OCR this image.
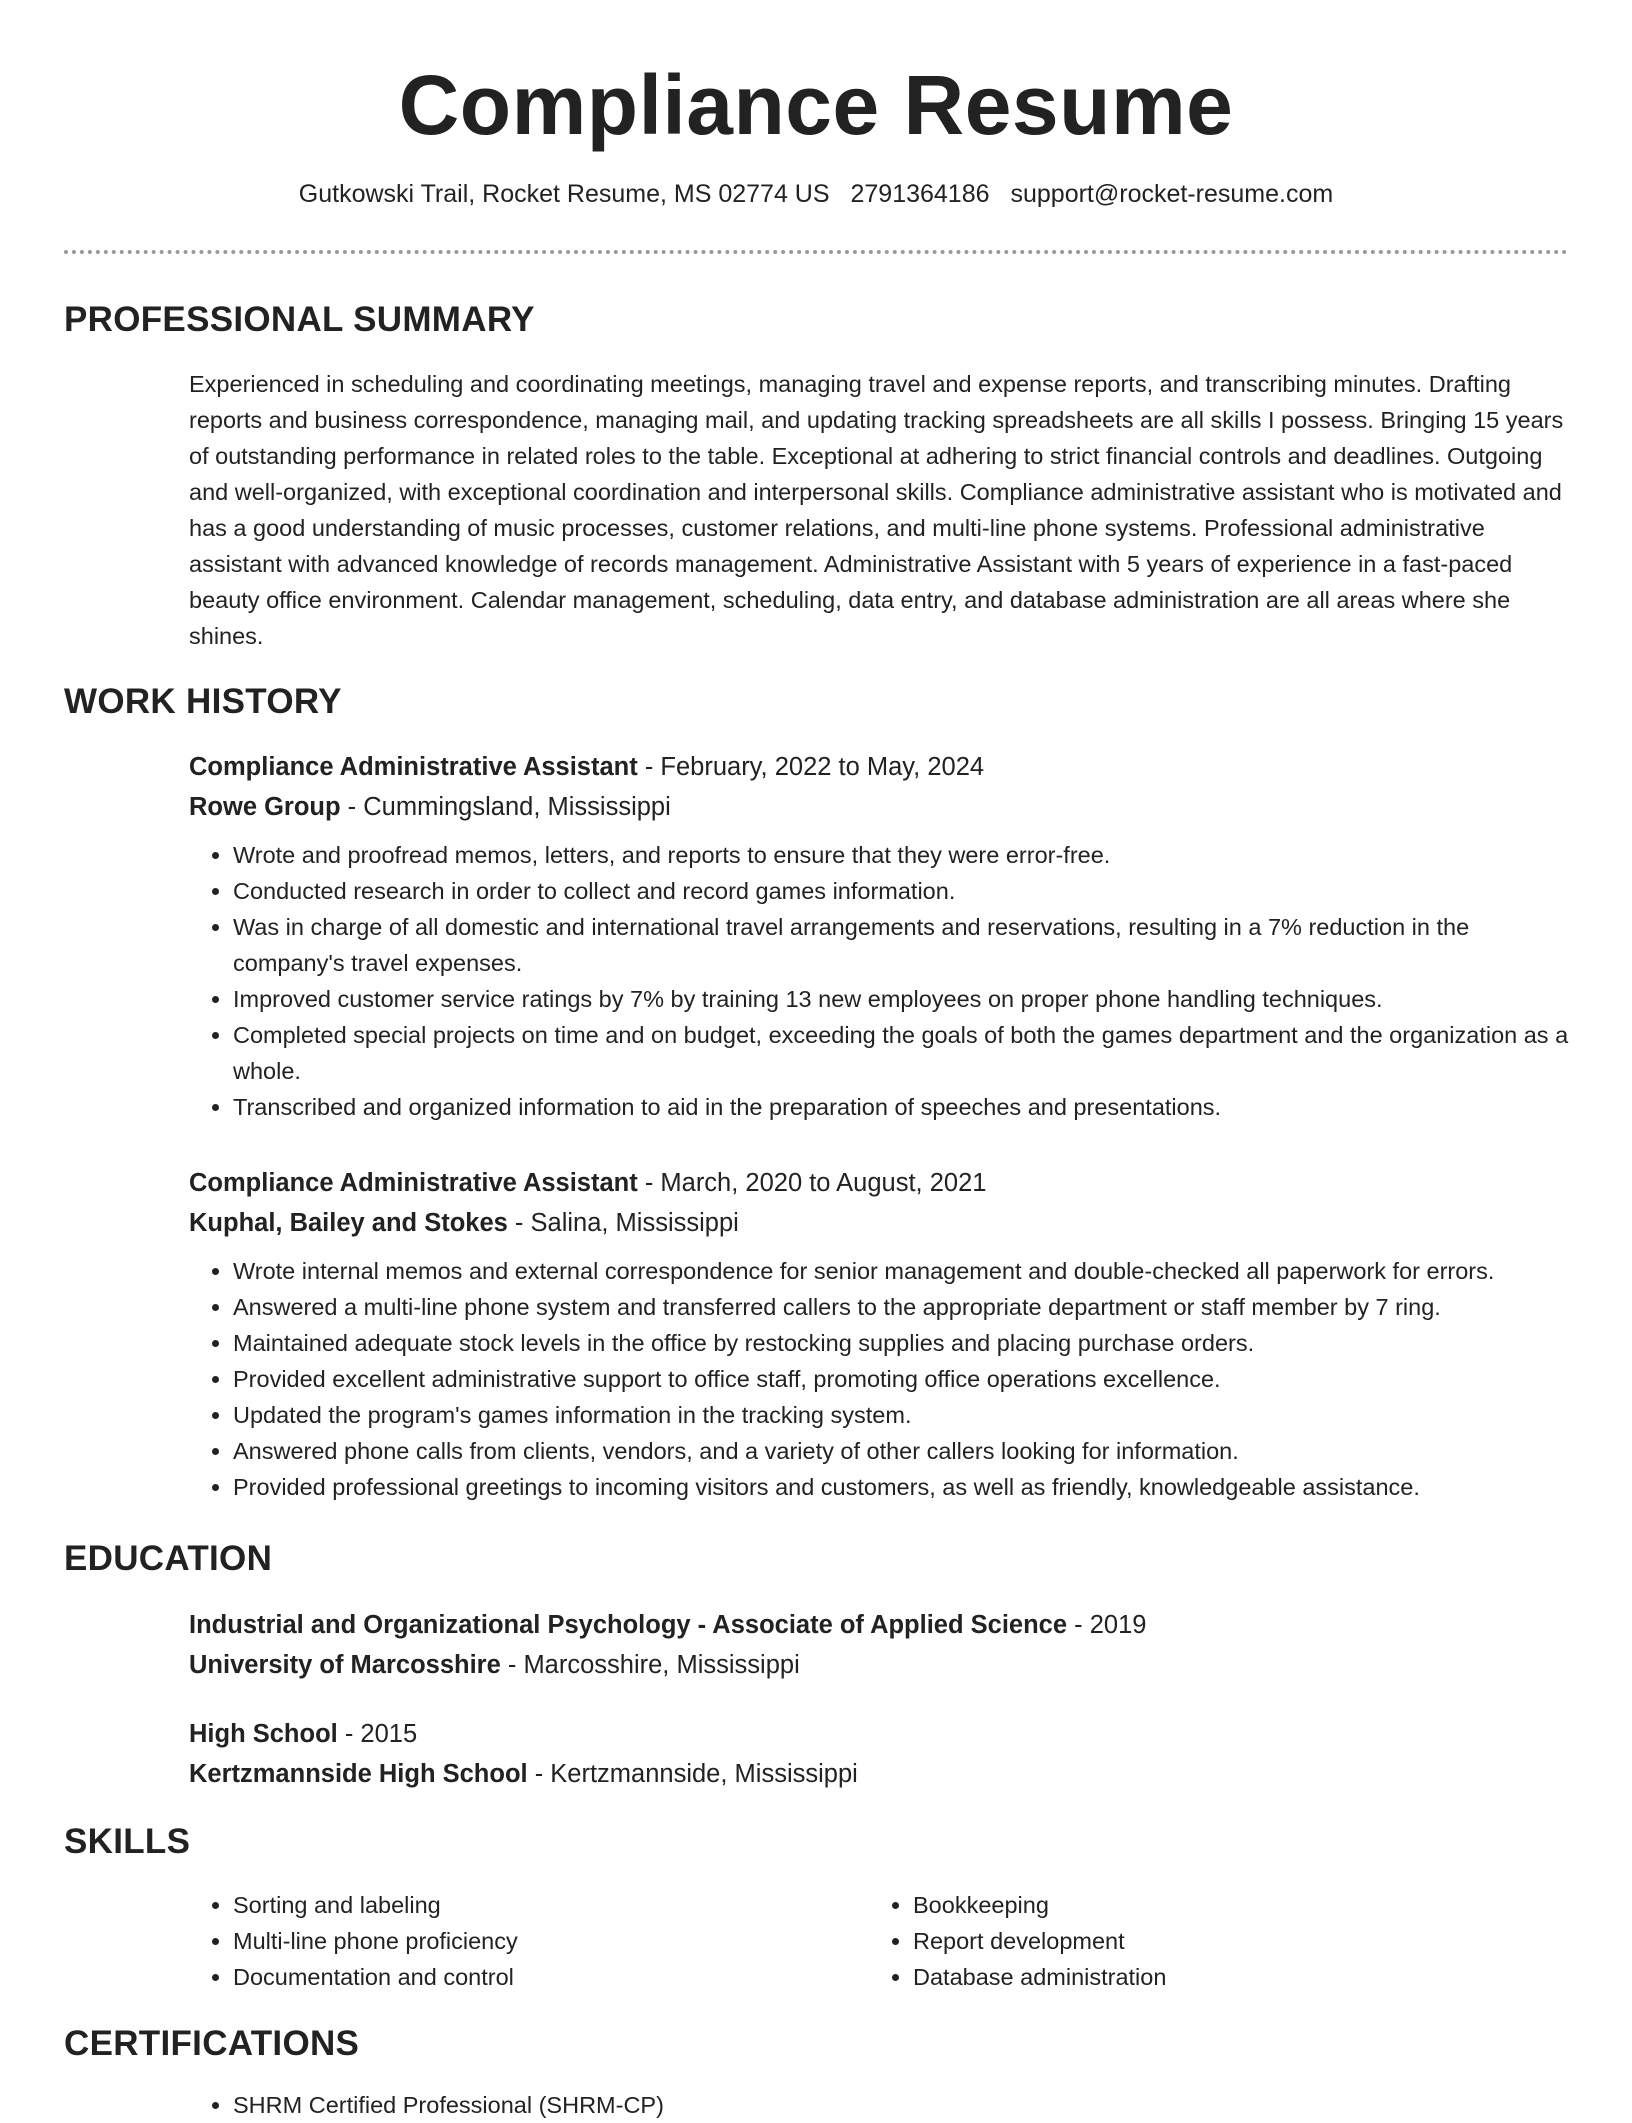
Compliance Resume
Gutkowski Trail, Rocket Resume, MS 02774 US 2791364186 support@rocket-resume.com
PROFESSIONAL SUMMARY
Experienced in scheduling and coordinating meetings, managing travel and expense reports, and transcribing minutes. Drafting reports and business correspondence, managing mail, and updating tracking spreadsheets are all skills I possess. Bringing 15 years of outstanding performance in related roles to the table. Exceptional at adhering to strict financial controls and deadlines. Outgoing and well-organized, with exceptional coordination and interpersonal skills. Compliance administrative assistant who is motivated and has a good understanding of music processes, customer relations, and multi-line phone systems. Professional administrative assistant with advanced knowledge of records management. Administrative Assistant with 5 years of experience in a fast-paced beauty office environment. Calendar management, scheduling, data entry, and database administration are all areas where she shines.
WORK HISTORY
Compliance Administrative Assistant - February, 2022 to May, 2024
Rowe Group - Cummingsland, Mississippi
• Wrote and proofread memos, letters, and reports to ensure that they were error-free.
• Conducted research in order to collect and record games information.
• Was in charge of all domestic and international travel arrangements and reservations, resulting in a 7% reduction in the company's travel expenses.
• Improved customer service ratings by 7% by training 13 new employees on proper phone handling techniques.
• Completed special projects on time and on budget, exceeding the goals of both the games department and the organization as a whole.
• Transcribed and organized information to aid in the preparation of speeches and presentations.
Compliance Administrative Assistant - March, 2020 to August, 2021
Kuphal, Bailey and Stokes - Salina, Mississippi
• Wrote internal memos and external correspondence for senior management and double-checked all paperwork for errors.
• Answered a multi-line phone system and transferred callers to the appropriate department or staff member by 7 ring.
• Maintained adequate stock levels in the office by restocking supplies and placing purchase orders.
• Provided excellent administrative support to office staff, promoting office operations excellence.
• Updated the program's games information in the tracking system.
• Answered phone calls from clients, vendors, and a variety of other callers looking for information.
• Provided professional greetings to incoming visitors and customers, as well as friendly, knowledgeable assistance.
EDUCATION
Industrial and Organizational Psychology - Associate of Applied Science - 2019
University of Marcosshire - Marcosshire, Mississippi
High School - 2015
Kertzmannside High School - Kertzmannside, Mississippi
SKILLS
• Sorting and labeling
• Multi-line phone proficiency
• Documentation and control
• Bookkeeping
• Report development
• Database administration
CERTIFICATIONS
• SHRM Certified Professional (SHRM-CP)
